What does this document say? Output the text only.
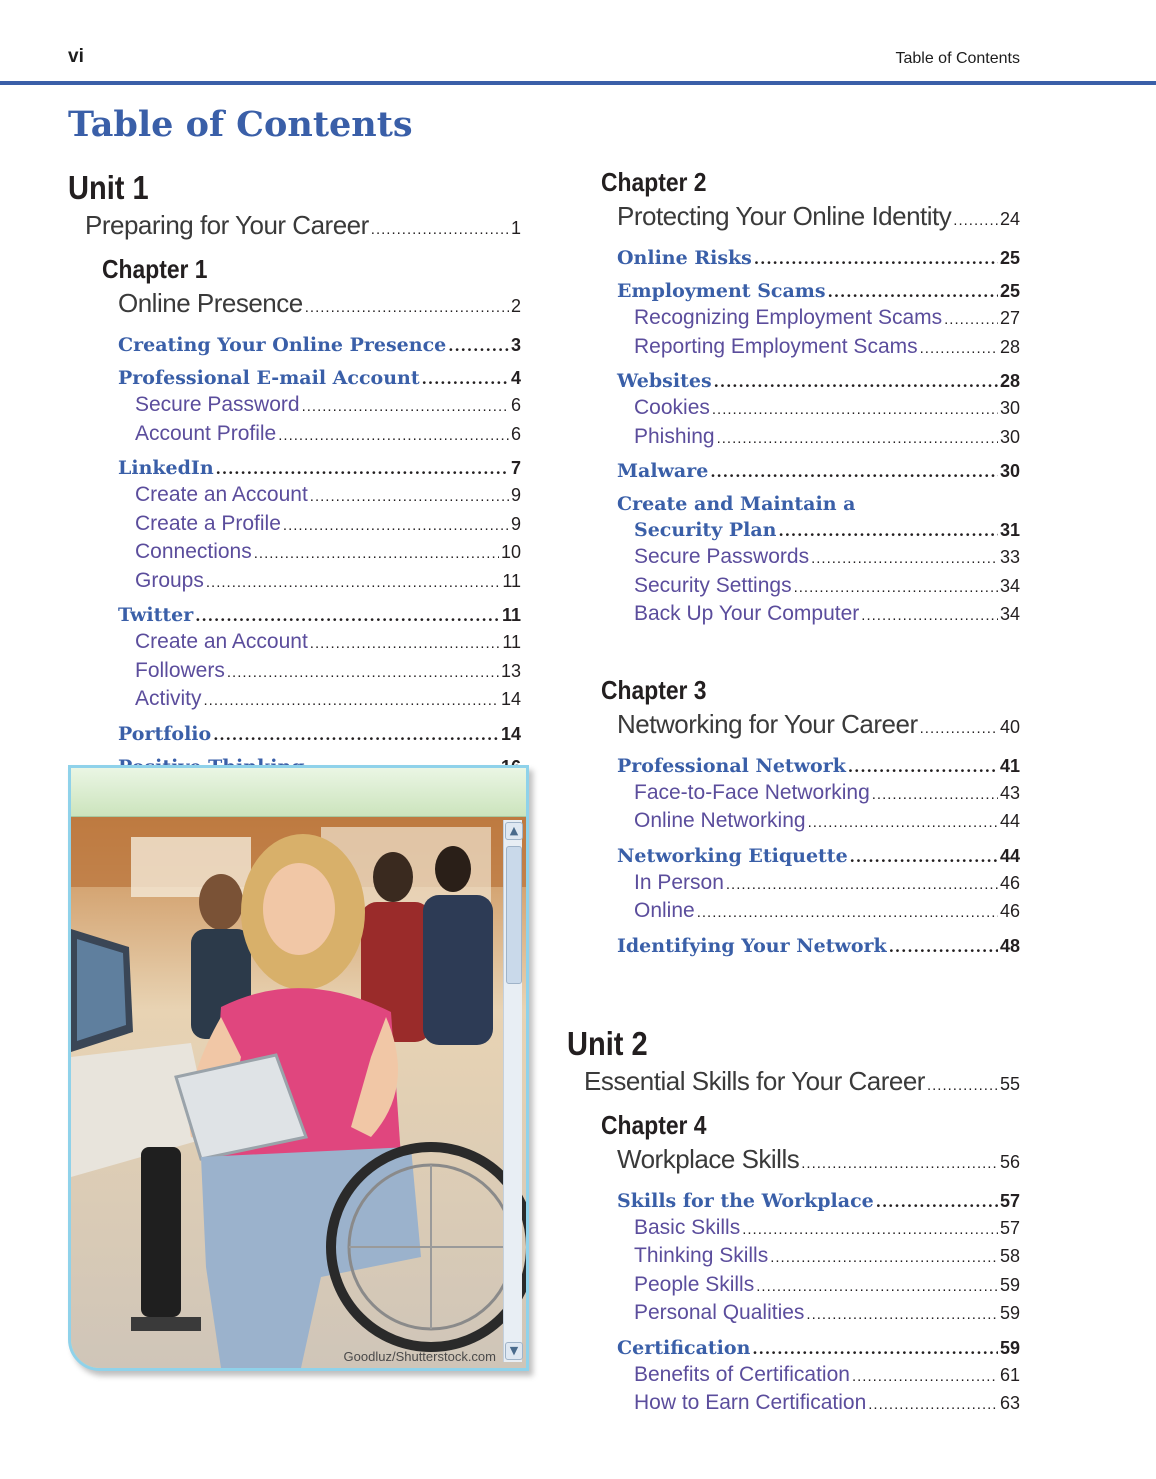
vi	Table of Contents
Table of Contents
Unit 1
Preparing for Your Career .....	1
Chapter 1
Online Presence .....	2
Creating Your Online Presence .....	3
Professional E-mail Account .....	4
Secure Password .....	6
Account Profile .....	6
LinkedIn .....	7
Create an Account .....	9
Create a Profile .....	9
Connections .....	10
Groups .....	11
Twitter .....	11
Create an Account .....	11
Followers .....	13
Activity .....	14
Portfolio .....	14
.....
▲
▼
Goodluz/Shutterstock.com
Chapter 2
Protecting Your Online Identity .....	24
Online Risks .....	25
Employment Scams .....	25
Recognizing Employment Scams .....	27
Reporting Employment Scams .....	28
Websites .....	28
Cookies .....	30
Phishing .....	30
Malware .....	30
Create and Maintain a
Security Plan .....	31
Secure Passwords .....	33
Security Settings .....	34
Back Up Your Computer .....	34
Chapter 3
Networking for Your Career .....	40
Professional Network .....	41
Face-to-Face Networking .....	43
Online Networking .....	44
Networking Etiquette .....	44
In Person .....	46
Online .....	46
Identifying Your Network .....	48
Unit 2
Essential Skills for Your Career .....	55
Chapter 4
Workplace Skills .....	56
Skills for the Workplace .....	57
Basic Skills .....	57
Thinking Skills .....	58
People Skills .....	59
Personal Qualities .....	59
Certification .....	59
Benefits of Certification .....	61
How to Earn Certification .....	63
